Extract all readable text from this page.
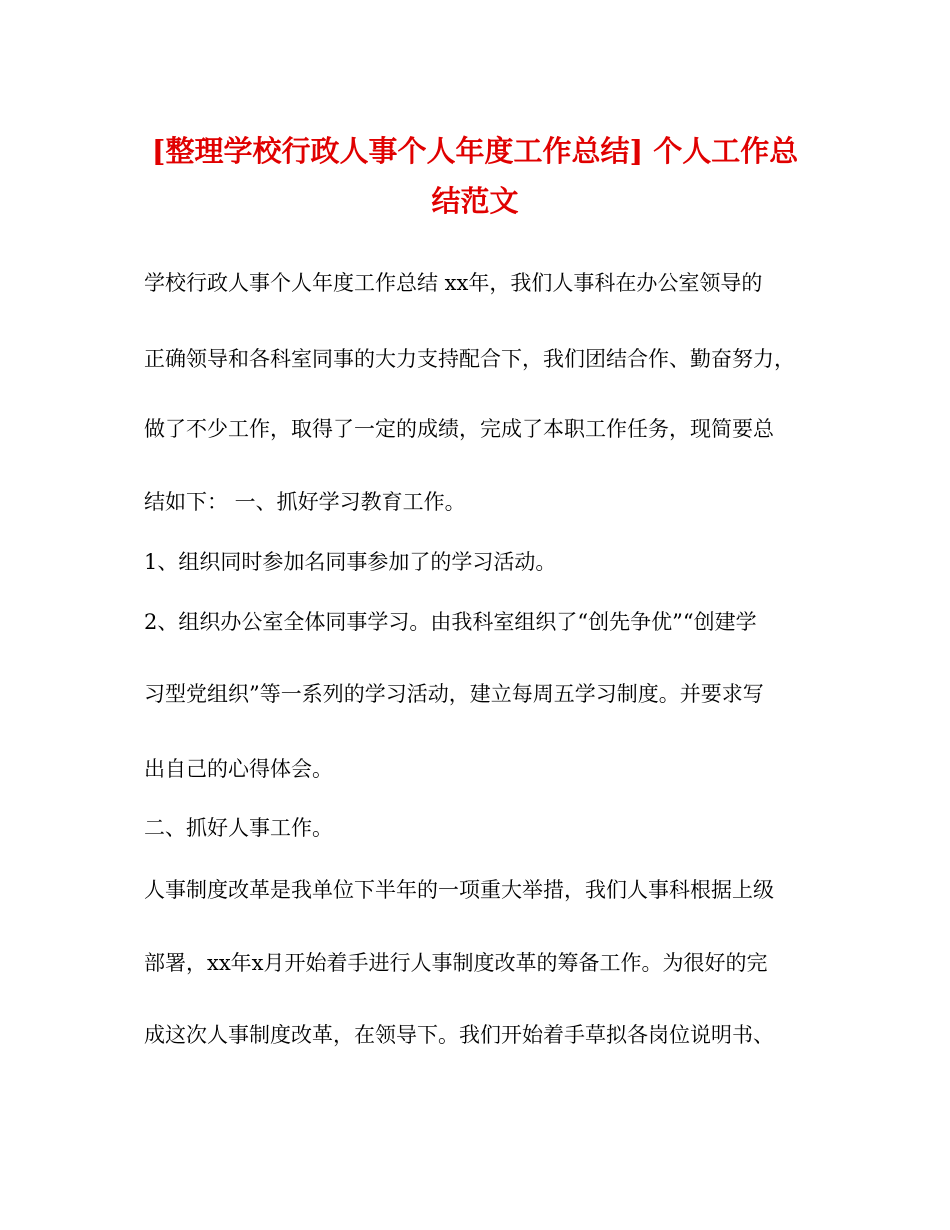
[整理学校行政人事个人年度工作总结] 个人工作总
结范文

学校行政人事个人年度工作总结 xx年，我们人事科在办公室领导的

正确领导和各科室同事的大力支持配合下，我们团结合作、勤奋努力，

做了不少工作，取得了一定的成绩，完成了本职工作任务，现简要总

结如下： 一、抓好学习教育工作。

1、组织同时参加名同事参加了的学习活动。

2、组织办公室全体同事学习。由我科室组织了“创先争优”“创建学

习型党组织”等一系列的学习活动，建立每周五学习制度。并要求写

出自己的心得体会。

二、抓好人事工作。

人事制度改革是我单位下半年的一项重大举措，我们人事科根据上级

部署，xx年x月开始着手进行人事制度改革的筹备工作。为很好的完

成这次人事制度改革，在领导下。我们开始着手草拟各岗位说明书、
